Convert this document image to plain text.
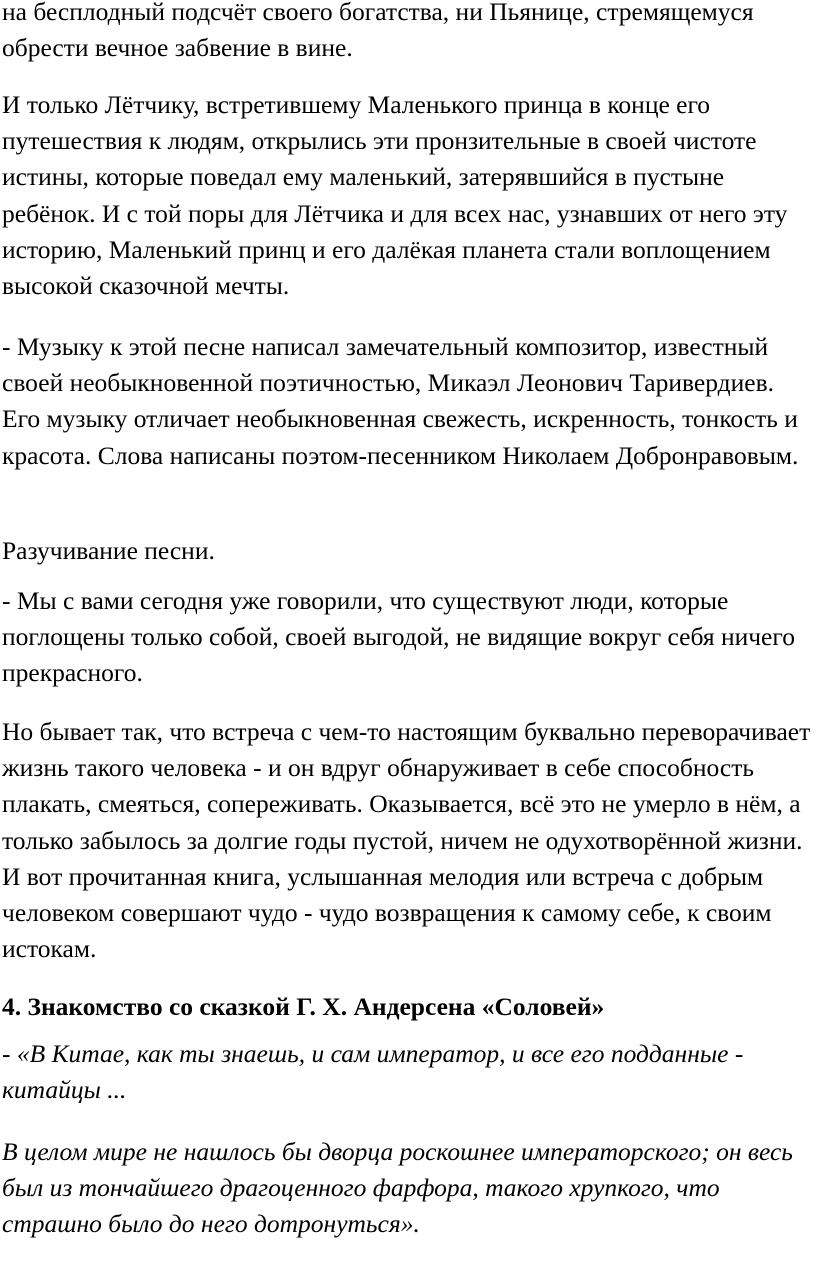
на бесплодный подсчёт своего богатства, ни Пьянице, стремящемуся обрести вечное забвение в вине.

И только Лётчику, встретившему Маленького принца в конце его путешествия к людям, открылись эти пронзительные в своей чистоте истины, которые поведал ему маленький, затерявшийся в пустыне ребёнок. И с той поры для Лётчика и для всех нас, узнавших от него эту историю, Маленький принц и его далёкая планета стали воплощением высокой сказочной мечты.

- Музыку к этой песне написал замечательный композитор, известный своей необыкновенной поэтичностью, Микаэл Леонович Таривердиев. Его музыку отличает необыкновенная свежесть, искренность, тонкость и красота. Слова написаны поэтом-песенником Николаем Добронравовым.

Разучивание песни.

- Мы с вами сегодня уже говорили, что существуют люди, которые поглощены только собой, своей выгодой, не видящие вокруг себя ничего прекрасного.

Но бывает так, что встреча с чем-то настоящим буквально переворачивает жизнь такого человека - и он вдруг обнаруживает в себе способность плакать, смеяться, сопереживать. Оказывается, всё это не умерло в нём, а только забылось за долгие годы пустой, ничем не одухотворённой жизни. И вот прочитанная книга, услышанная мелодия или встреча с добрым человеком совершают чудо - чудо возвращения к самому себе, к своим истокам.

4. Знакомство со сказкой Г. Х. Андерсена «Соловей»

- «В Китае, как ты знаешь, и сам император, и все его подданные - китайцы ...

В целом мире не нашлось бы дворца роскошнее императорского; он весь был из тончайшего драгоценного фарфора, такого хрупкого, что страшно было до него дотронуться».
